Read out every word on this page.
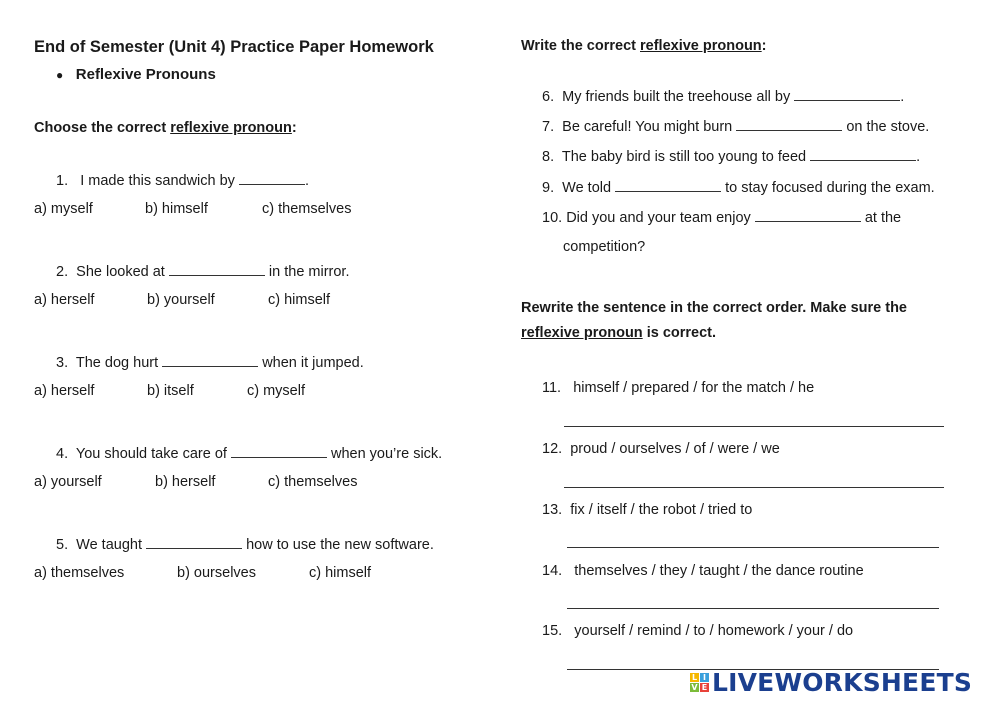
End of Semester (Unit 4) Practice Paper Homework
● Reflexive Pronouns
Choose the correct reflexive pronoun:
1. I made this sandwich by	.
a) myself	b) himself	c) themselves
2. She looked at	in the mirror.
a) herself	b) yourself	c) himself
3. The dog hurt	when it jumped.
a) herself	b) itself	c) myself
4. You should take care of	when you’re sick.
a) yourself	b) herself	c) themselves
5. We taught	how to use the new software.
a) themselves	b) ourselves	c) himself
Write the correct reflexive pronoun:
6. My friends built the treehouse all by	.
7. Be careful! You might burn	on the stove.
8. The baby bird is still too young to feed	.
9. We told	to stay focused during the exam.
10. Did you and your team enjoy	at the
competition?
Rewrite the sentence in the correct order. Make sure the
reflexive pronoun is correct.
11. himself / prepared / for the match / he
12. proud / ourselves / of / were / we
13. fix / itself / the robot / tried to
14. themselves / they / taught / the dance routine
15. yourself / remind / to / homework / your / do
L I
V E LIVEWORKSHEETS
